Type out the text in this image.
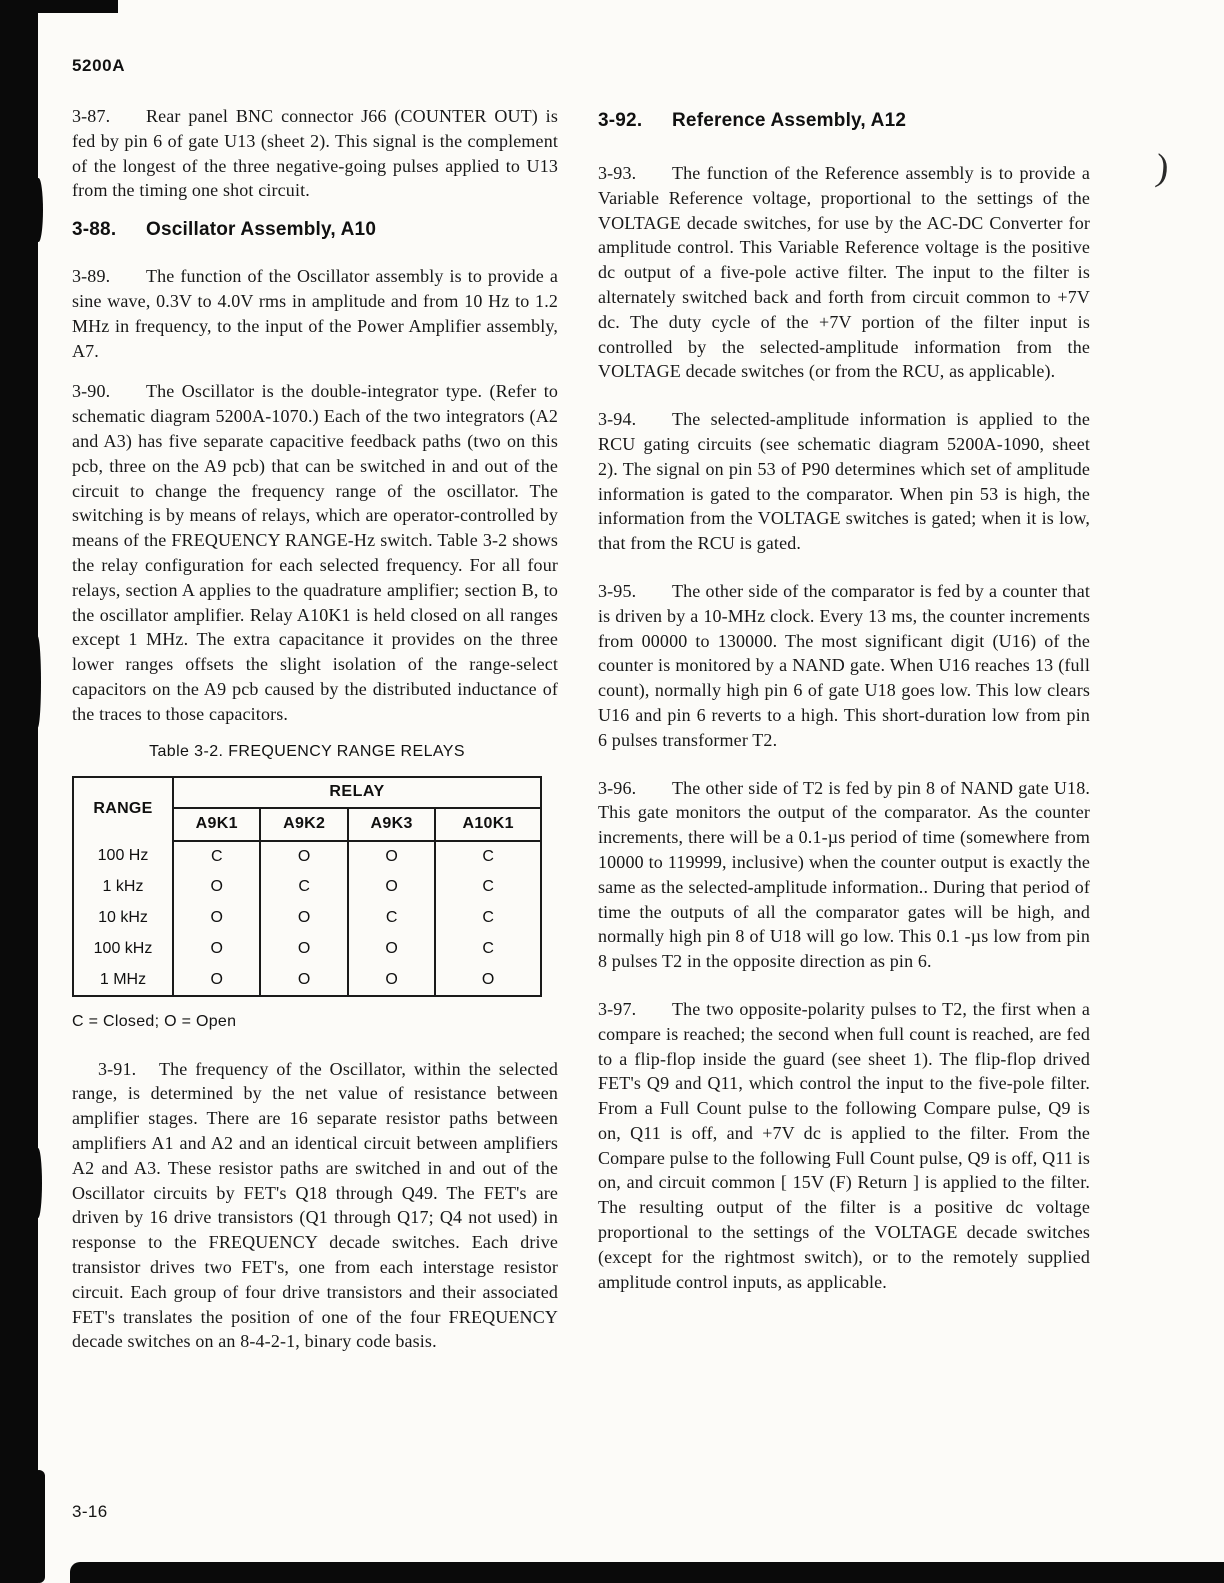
)
5200A

3-87. Rear panel BNC connector J66 (COUNTER OUT) is fed by pin 6 of gate U13 (sheet 2). This signal is the complement of the longest of the three negative-going pulses applied to U13 from the timing one shot circuit.

3-88. Oscillator Assembly, A10

3-89. The function of the Oscillator assembly is to provide a sine wave, 0.3V to 4.0V rms in amplitude and from 10 Hz to 1.2 MHz in frequency, to the input of the Power Amplifier assembly, A7.

3-90. The Oscillator is the double-integrator type. (Refer to schematic diagram 5200A-1070.) Each of the two integrators (A2 and A3) has five separate capacitive feedback paths (two on this pcb, three on the A9 pcb) that can be switched in and out of the circuit to change the frequency range of the oscillator. The switching is by means of relays, which are operator-controlled by means of the FREQUENCY RANGE-Hz switch. Table 3-2 shows the relay configuration for each selected frequency. For all four relays, section A applies to the quadrature amplifier; section B, to the oscillator amplifier. Relay A10K1 is held closed on all ranges except 1 MHz. The extra capacitance it provides on the three lower ranges offsets the slight isolation of the range-select capacitors on the A9 pcb caused by the distributed inductance of the traces to those capacitors.

Table 3-2. FREQUENCY RANGE RELAYS
RANGE	RELAY			
	A9K1	A9K2	A9K3	A10K1
100 Hz	C	O	O	C
1 kHz	O	C	O	C
10 kHz	O	O	C	C
100 kHz	O	O	O	C
1 MHz	O	O	O	O
C = Closed; O = Open

3-91. The frequency of the Oscillator, within the selected range, is determined by the net value of resistance between amplifier stages. There are 16 separate resistor paths between amplifiers A1 and A2 and an identical circuit between amplifiers A2 and A3. These resistor paths are switched in and out of the Oscillator circuits by FET's Q18 through Q49. The FET's are driven by 16 drive transistors (Q1 through Q17; Q4 not used) in response to the FREQUENCY decade switches. Each drive transistor drives two FET's, one from each interstage resistor circuit. Each group of four drive transistors and their associated FET's translates the position of one of the four FREQUENCY decade switches on an 8-4-2-1, binary code basis.

3-92. Reference Assembly, A12

3-93. The function of the Reference assembly is to provide a Variable Reference voltage, proportional to the settings of the VOLTAGE decade switches, for use by the AC-DC Converter for amplitude control. This Variable Reference voltage is the positive dc output of a five-pole active filter. The input to the filter is alternately switched back and forth from circuit common to +7V dc. The duty cycle of the +7V portion of the filter input is controlled by the selected-amplitude information from the VOLTAGE decade switches (or from the RCU, as applicable).

3-94. The selected-amplitude information is applied to the RCU gating circuits (see schematic diagram 5200A-1090, sheet 2). The signal on pin 53 of P90 determines which set of amplitude information is gated to the comparator. When pin 53 is high, the information from the VOLTAGE switches is gated; when it is low, that from the RCU is gated.

3-95. The other side of the comparator is fed by a counter that is driven by a 10-MHz clock. Every 13 ms, the counter increments from 00000 to 130000. The most significant digit (U16) of the counter is monitored by a NAND gate. When U16 reaches 13 (full count), normally high pin 6 of gate U18 goes low. This low clears U16 and pin 6 reverts to a high. This short-duration low from pin 6 pulses transformer T2.

3-96. The other side of T2 is fed by pin 8 of NAND gate U18. This gate monitors the output of the comparator. As the counter increments, there will be a 0.1-µs period of time (somewhere from 10000 to 119999, inclusive) when the counter output is exactly the same as the selected-amplitude information.. During that period of time the outputs of all the comparator gates will be high, and normally high pin 8 of U18 will go low. This 0.1 -µs low from pin 8 pulses T2 in the opposite direction as pin 6.

3-97. The two opposite-polarity pulses to T2, the first when a compare is reached; the second when full count is reached, are fed to a flip-flop inside the guard (see sheet 1). The flip-flop drived FET's Q9 and Q11, which control the input to the five-pole filter. From a Full Count pulse to the following Compare pulse, Q9 is on, Q11 is off, and +7V dc is applied to the filter. From the Compare pulse to the following Full Count pulse, Q9 is off, Q11 is on, and circuit common [ 15V (F) Return ] is applied to the filter. The resulting output of the filter is a positive dc voltage proportional to the settings of the VOLTAGE decade switches (except for the rightmost switch), or to the remotely supplied amplitude control inputs, as applicable.

3-16
